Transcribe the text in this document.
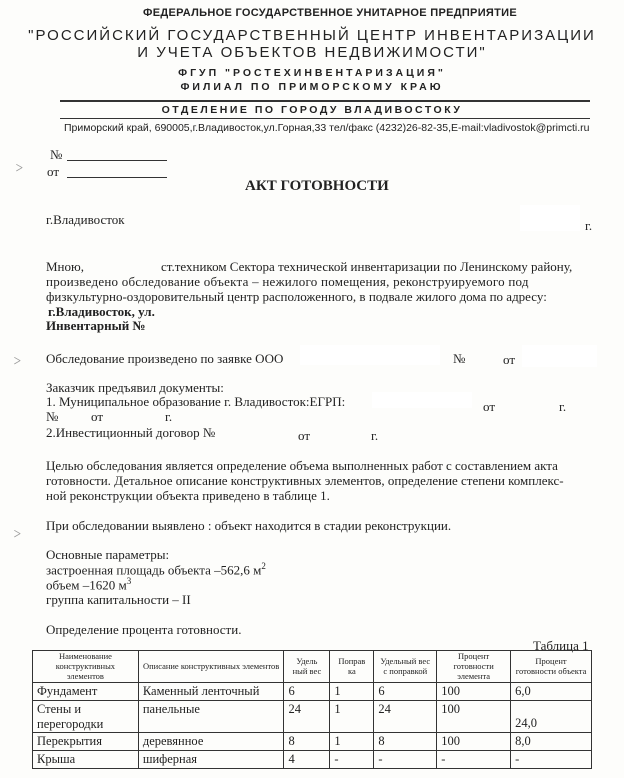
ФЕДЕРАЛЬНОЕ ГОСУДАРСТВЕННОЕ УНИТАРНОЕ ПРЕДПРИЯТИЕ
"РОССИЙСКИЙ ГОСУДАРСТВЕННЫЙ ЦЕНТР ИНВЕНТАРИЗАЦИИ
И УЧЕТА ОБЪЕКТОВ НЕДВИЖИМОСТИ"
ФГУП "РОСТЕХИНВЕНТАРИЗАЦИЯ"
ФИЛИАЛ ПО ПРИМОРСКОМУ КРАЮ
ОТДЕЛЕНИЕ ПО ГОРОДУ ВЛАДИВОСТОКУ
Приморский край, 690005,г.Владивосток,ул.Горная,33 тел/факс (4232)26-82-35,E-mail:vladivostok@primcti.ru
№
от
﹥
АКТ ГОТОВНОСТИ
г.Владивосток	г.
Мною,	ст.техником Сектора технической инвентаризации по Ленинскому району,
произведено обследование объекта – нежилого помещения, реконструируемого под
физкультурно-оздоровительный центр расположенного, в подвале жилого дома по адресу:
г.Владивосток, ул.
Инвентарный №
﹥ Обследование произведено по заявке ООО	№	от
Заказчик предъявил документы:
1. Муниципальное образование г. Владивосток:ЕГРП:	от	г.
№	от	г.
2.Инвестиционный договор №	от	г.
Целью обследования является определение объема выполненных работ с составлением акта
готовности. Детальное описание конструктивных элементов, определение степени комплекс-
ной реконструкции объекта приведено в таблице 1.
﹥ При обследовании выявлено : объект находится в стадии реконструкции.
Основные параметры:
застроенная площадь объекта –562,6 $м^2$
объем –1620 $м^3$
группа капитальности – II
Определение процента готовности.
Таблица 1
Наименование конструктивных элементов	Описание конструктивных элементов	Удель ный вес	Поправ ка	Удельный вес с поправкой	Процент готовности элемента	Процент готовности объекта
Фундамент	Каменный ленточный	6	1	6	100	6,0
Стены и перегородки	панельные	24	1	24	100	24,0
Перекрытия	деревянное	8	1	8	100	8,0
Крыша	шиферная	4	-	-	-	-
